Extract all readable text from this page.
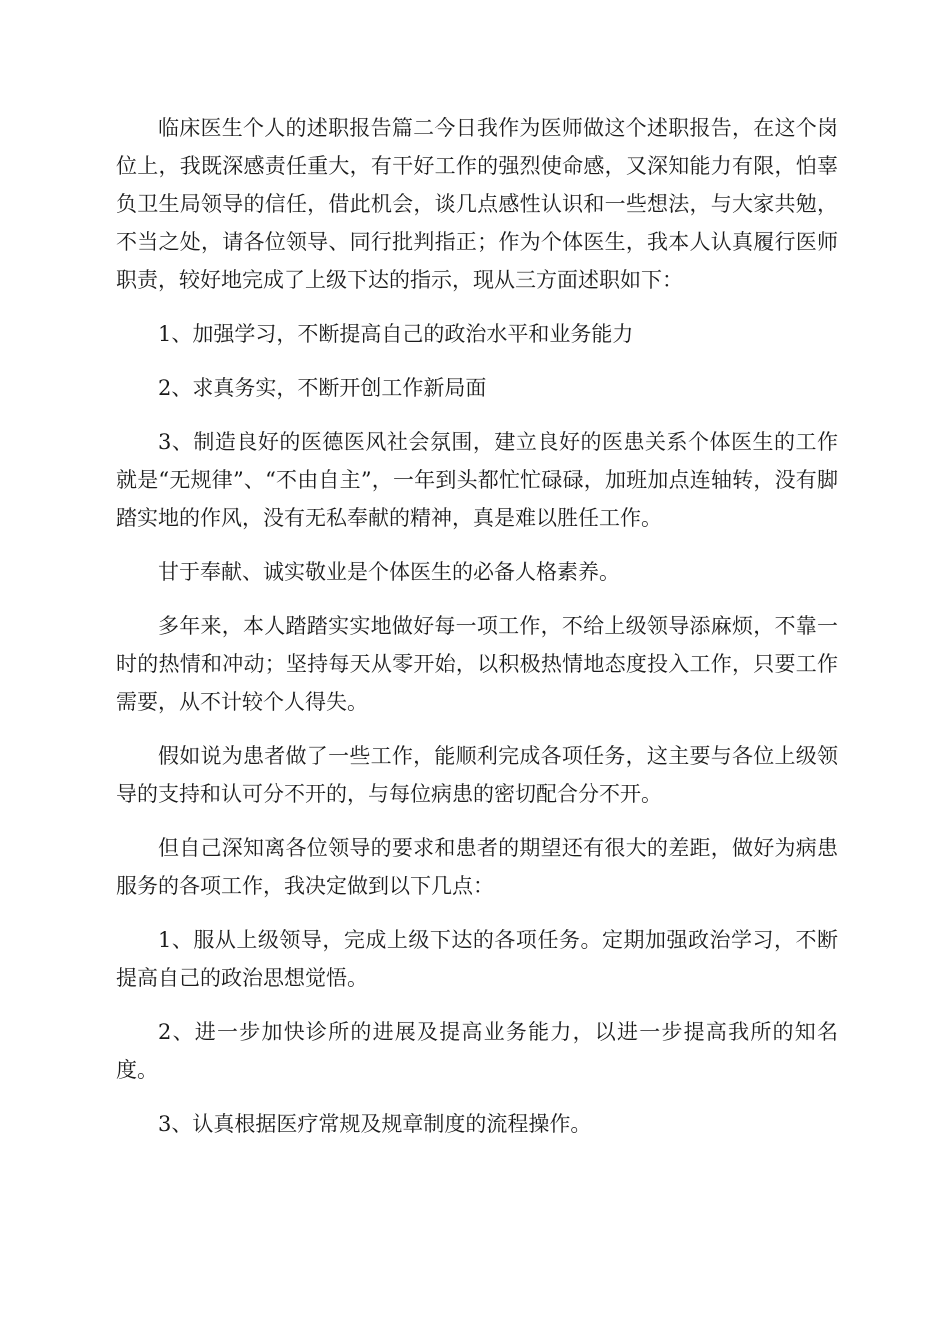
临床医生个人的述职报告篇二今日我作为医师做这个述职报告，在这个岗位上，我既深感责任重大，有干好工作的强烈使命感，又深知能力有限，怕辜负卫生局领导的信任，借此机会，谈几点感性认识和一些想法，与大家共勉，不当之处，请各位领导、同行批判指正；作为个体医生，我本人认真履行医师职责，较好地完成了上级下达的指示，现从三方面述职如下：

1、加强学习，不断提高自己的政治水平和业务能力

2、求真务实，不断开创工作新局面

3、制造良好的医德医风社会氛围，建立良好的医患关系个体医生的工作就是“无规律”、“不由自主”，一年到头都忙忙碌碌，加班加点连轴转，没有脚踏实地的作风，没有无私奉献的精神，真是难以胜任工作。

甘于奉献、诚实敬业是个体医生的必备人格素养。

多年来，本人踏踏实实地做好每一项工作，不给上级领导添麻烦，不靠一时的热情和冲动；坚持每天从零开始，以积极热情地态度投入工作，只要工作需要，从不计较个人得失。

假如说为患者做了一些工作，能顺利完成各项任务，这主要与各位上级领导的支持和认可分不开的，与每位病患的密切配合分不开。

但自己深知离各位领导的要求和患者的期望还有很大的差距，做好为病患服务的各项工作，我决定做到以下几点：

1、服从上级领导，完成上级下达的各项任务。定期加强政治学习，不断提高自己的政治思想觉悟。

2、进一步加快诊所的进展及提高业务能力，以进一步提高我所的知名度。

3、认真根据医疗常规及规章制度的流程操作。
